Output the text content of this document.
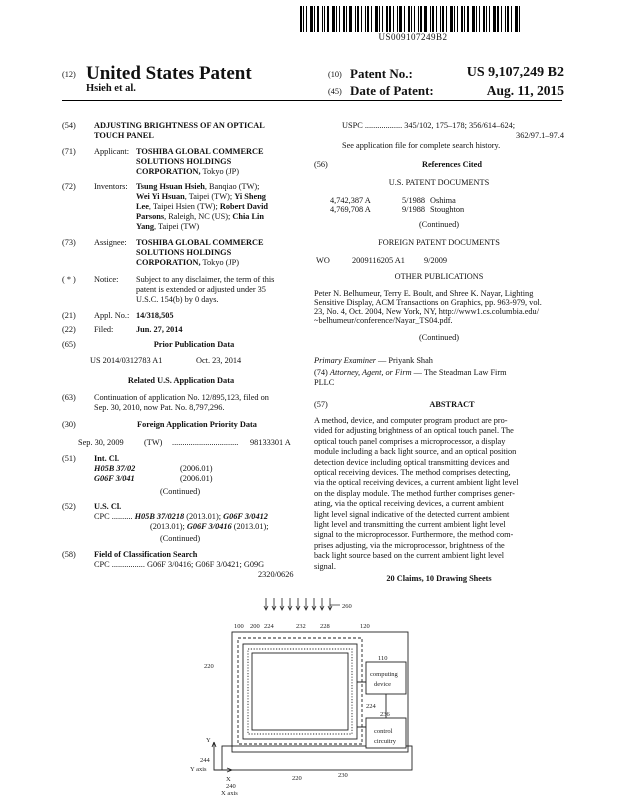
US009107249B2
(12) United States Patent
Hsieh et al.
(10) Patent No.:	US 9,107,249 B2
(45) Date of Patent:	Aug. 11, 2015
(54) ADJUSTING BRIGHTNESS OF AN OPTICAL
TOUCH PANEL
(71) Applicant: TOSHIBA GLOBAL COMMERCE
SOLUTIONS HOLDINGS
CORPORATION, Tokyo (JP)
(72) Inventors: Tsung Hsuan Hsieh, Banqiao (TW);
Wei Yi Hsuan, Taipei (TW); Yi Sheng
Lee, Taipei Hsien (TW); Robert David
Parsons, Raleigh, NC (US); Chia Lin
Yang, Taipei (TW)
(73) Assignee: TOSHIBA GLOBAL COMMERCE
SOLUTIONS HOLDINGS
CORPORATION, Tokyo (JP)
( * ) Notice: Subject to any disclaimer, the term of this
patent is extended or adjusted under 35
U.S.C. 154(b) by 0 days.
(21) Appl. No.: 14/318,505
(22) Filed:	Jun. 27, 2014
(65)	Prior Publication Data
US 2014/0312783 A1	Oct. 23, 2014
Related U.S. Application Data
(63) Continuation of application No. 12/895,123, filed on
Sep. 30, 2010, now Pat. No. 8,797,296.
(30)	Foreign Application Priority Data
Sep. 30, 2009 (TW) ................................ 98133301 A
(51) Int. Cl.
H05B 37/02	(2006.01)
G06F 3/041	(2006.01)
(Continued)
(52) U.S. Cl.
CPC .......... H05B 37/0218 (2013.01); G06F 3/0412
(2013.01); G06F 3/0416 (2013.01);
(Continued)
(58) Field of Classification Search
CPC ................ G06F 3/0416; G06F 3/0421; G09G
2320/0626
USPC .................. 345/102, 175–178; 356/614–624;
362/97.1–97.4
See application file for complete search history.
(56)	References Cited
U.S. PATENT DOCUMENTS
4,742,387 A	5/1988 Oshima
4,769,708 A	9/1988 Stoughton
(Continued)
FOREIGN PATENT DOCUMENTS
WO	2009116205 A1 9/2009
OTHER PUBLICATIONS
Peter N. Belhumeur, Terry E. Boult, and Shree K. Nayar, Lighting
Sensitive Display, ACM Transactions on Graphics, pp. 963-979, vol.
23, No. 4, Oct. 2004, New York, NY, http://www1.cs.columbia.edu/
~belhumeur/conference/Nayar_TS04.pdf.
(Continued)
Primary Examiner — Priyank Shah
(74) Attorney, Agent, or Firm — The Steadman Law Firm
PLLC
(57)	ABSTRACT
A method, device, and computer program product are pro-
vided for adjusting brightness of an optical touch panel. The
optical touch panel comprises a microprocessor, a display
module including a back light source, and an optical position
detection device including optical transmitting devices and
optical receiving devices. The method comprises detecting,
via the optical receiving devices, a current ambient light level
on the display module. The method further comprises gener-
ating, via the optical receiving devices, a current ambient
light level signal indicative of the detected current ambient
light level and transmitting the current ambient light level
signal to the microprocessor. Furthermore, the method com-
prises adjusting, via the microprocessor, brightness of the
back light source based on the current ambient light level
signal.
20 Claims, 10 Drawing Sheets
260
100 200 224	232 228	120
220
110
computing
device
224
236
control
circuitry
Y
244
Y axis
X	220	230
240
X axis
